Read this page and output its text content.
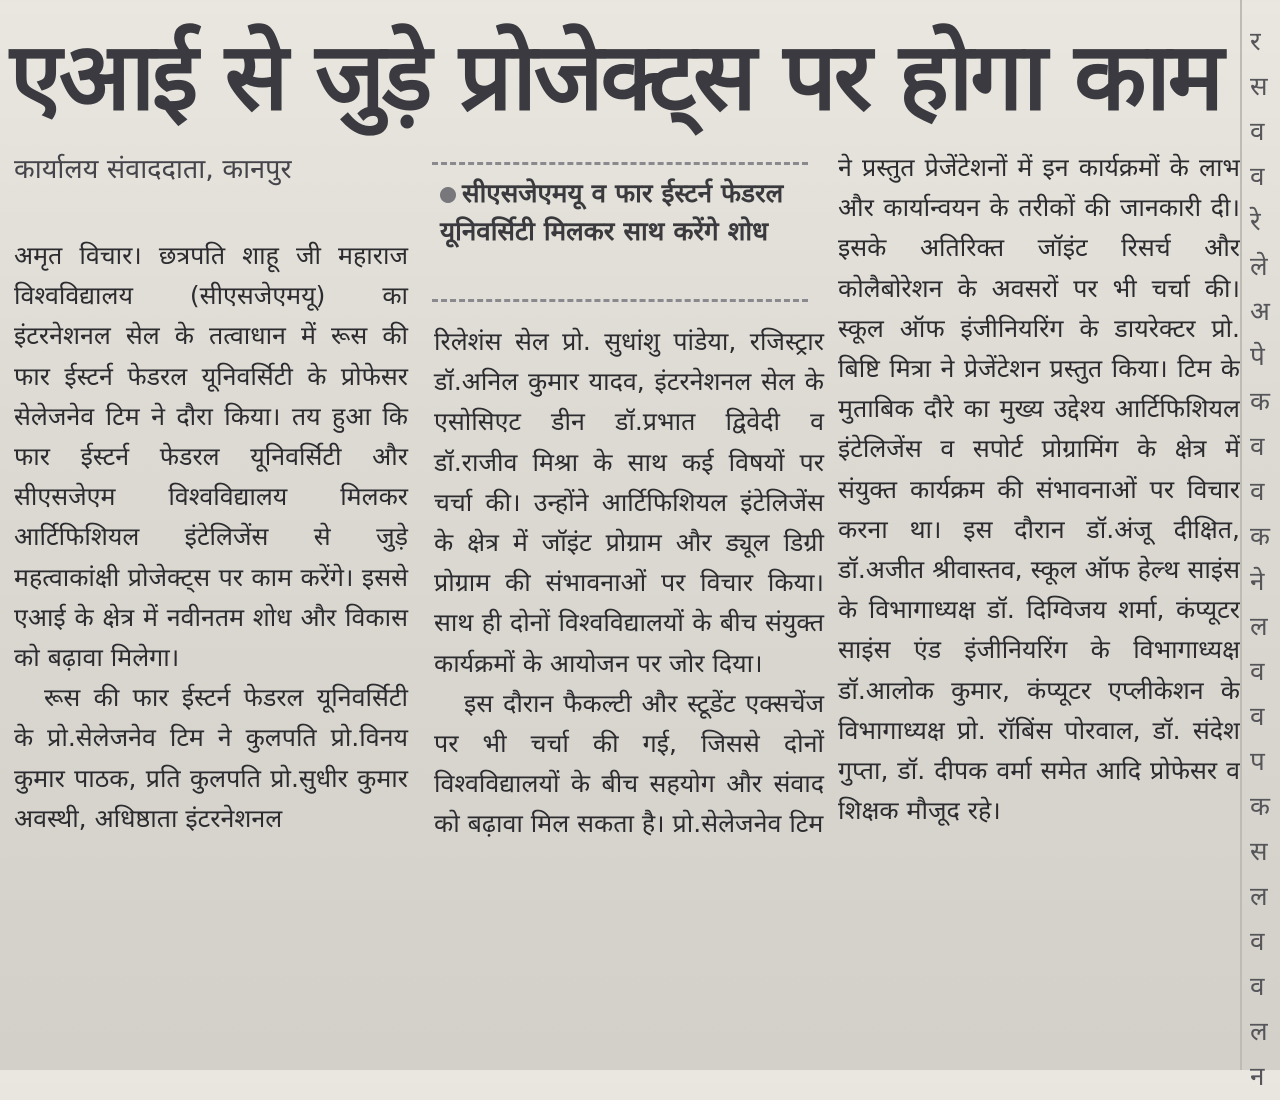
एआई से जुड़े प्रोजेक्ट्स पर होगा काम
कार्यालय संवाददाता, कानपुर
सीएसजेएमयू व फार ईस्टर्न फेडरल यूनिवर्सिटी मिलकर साथ करेंगे शोध

अमृत विचार। छत्रपति शाहू जी महाराज विश्वविद्यालय (सीएसजेएमयू) का इंटरनेशनल सेल के तत्वाधान में रूस की फार ईस्टर्न फेडरल यूनिवर्सिटी के प्रोफेसर सेलेजनेव टिम ने दौरा किया। तय हुआ कि फार ईस्टर्न फेडरल यूनिवर्सिटी और सीएसजेएम विश्वविद्यालय मिलकर आर्टिफिशियल इंटेलिजेंस से जुड़े महत्वाकांक्षी प्रोजेक्ट्स पर काम करेंगे। इससे एआई के क्षेत्र में नवीनतम शोध और विकास को बढ़ावा मिलेगा।

रूस की फार ईस्टर्न फेडरल यूनिवर्सिटी के प्रो.सेलेजनेव टिम ने कुलपति प्रो.विनय कुमार पाठक, प्रति कुलपति प्रो.सुधीर कुमार अवस्थी, अधिष्ठाता इंटरनेशनल

रिलेशंस सेल प्रो. सुधांशु पांडेया, रजिस्ट्रार डॉ.अनिल कुमार यादव, इंटरनेशनल सेल के एसोसिएट डीन डॉ.प्रभात द्विवेदी व डॉ.राजीव मिश्रा के साथ कई विषयों पर चर्चा की। उन्होंने आर्टिफिशियल इंटेलिजेंस के क्षेत्र में जॉइंट प्रोग्राम और ड्यूल डिग्री प्रोग्राम की संभावनाओं पर विचार किया। साथ ही दोनों विश्वविद्यालयों के बीच संयुक्त कार्यक्रमों के आयोजन पर जोर दिया।

इस दौरान फैकल्टी और स्टूडेंट एक्सचेंज पर भी चर्चा की गई, जिससे दोनों विश्वविद्यालयों के बीच सहयोग और संवाद को बढ़ावा मिल सकता है। प्रो.सेलेजनेव टिम

ने प्रस्तुत प्रेजेंटेशनों में इन कार्यक्रमों के लाभ और कार्यान्वयन के तरीकों की जानकारी दी। इसके अतिरिक्त जॉइंट रिसर्च और कोलैबोरेशन के अवसरों पर भी चर्चा की। स्कूल ऑफ इंजीनियरिंग के डायरेक्टर प्रो. बिष्टि मित्रा ने प्रेजेंटेशन प्रस्तुत किया। टिम के मुताबिक दौरे का मुख्य उद्देश्य आर्टिफिशियल इंटेलिजेंस व सपोर्ट प्रोग्रामिंग के क्षेत्र में संयुक्त कार्यक्रम की संभावनाओं पर विचार करना था। इस दौरान डॉ.अंजू दीक्षित, डॉ.अजीत श्रीवास्तव, स्कूल ऑफ हेल्थ साइंस के विभागाध्यक्ष डॉ. दिग्विजय शर्मा, कंप्यूटर साइंस एंड इंजीनियरिंग के विभागाध्यक्ष डॉ.आलोक कुमार, कंप्यूटर एप्लीकेशन के विभागाध्यक्ष प्रो. रॉबिंस पोरवाल, डॉ. संदेश गुप्ता, डॉ. दीपक वर्मा समेत आदि प्रोफेसर व शिक्षक मौजूद रहे।

र
स
व
व
रे
ले
अ
पे
क
व
व
क
ने
ल
व
व
प
क
स
ल
व
व
ल
न
